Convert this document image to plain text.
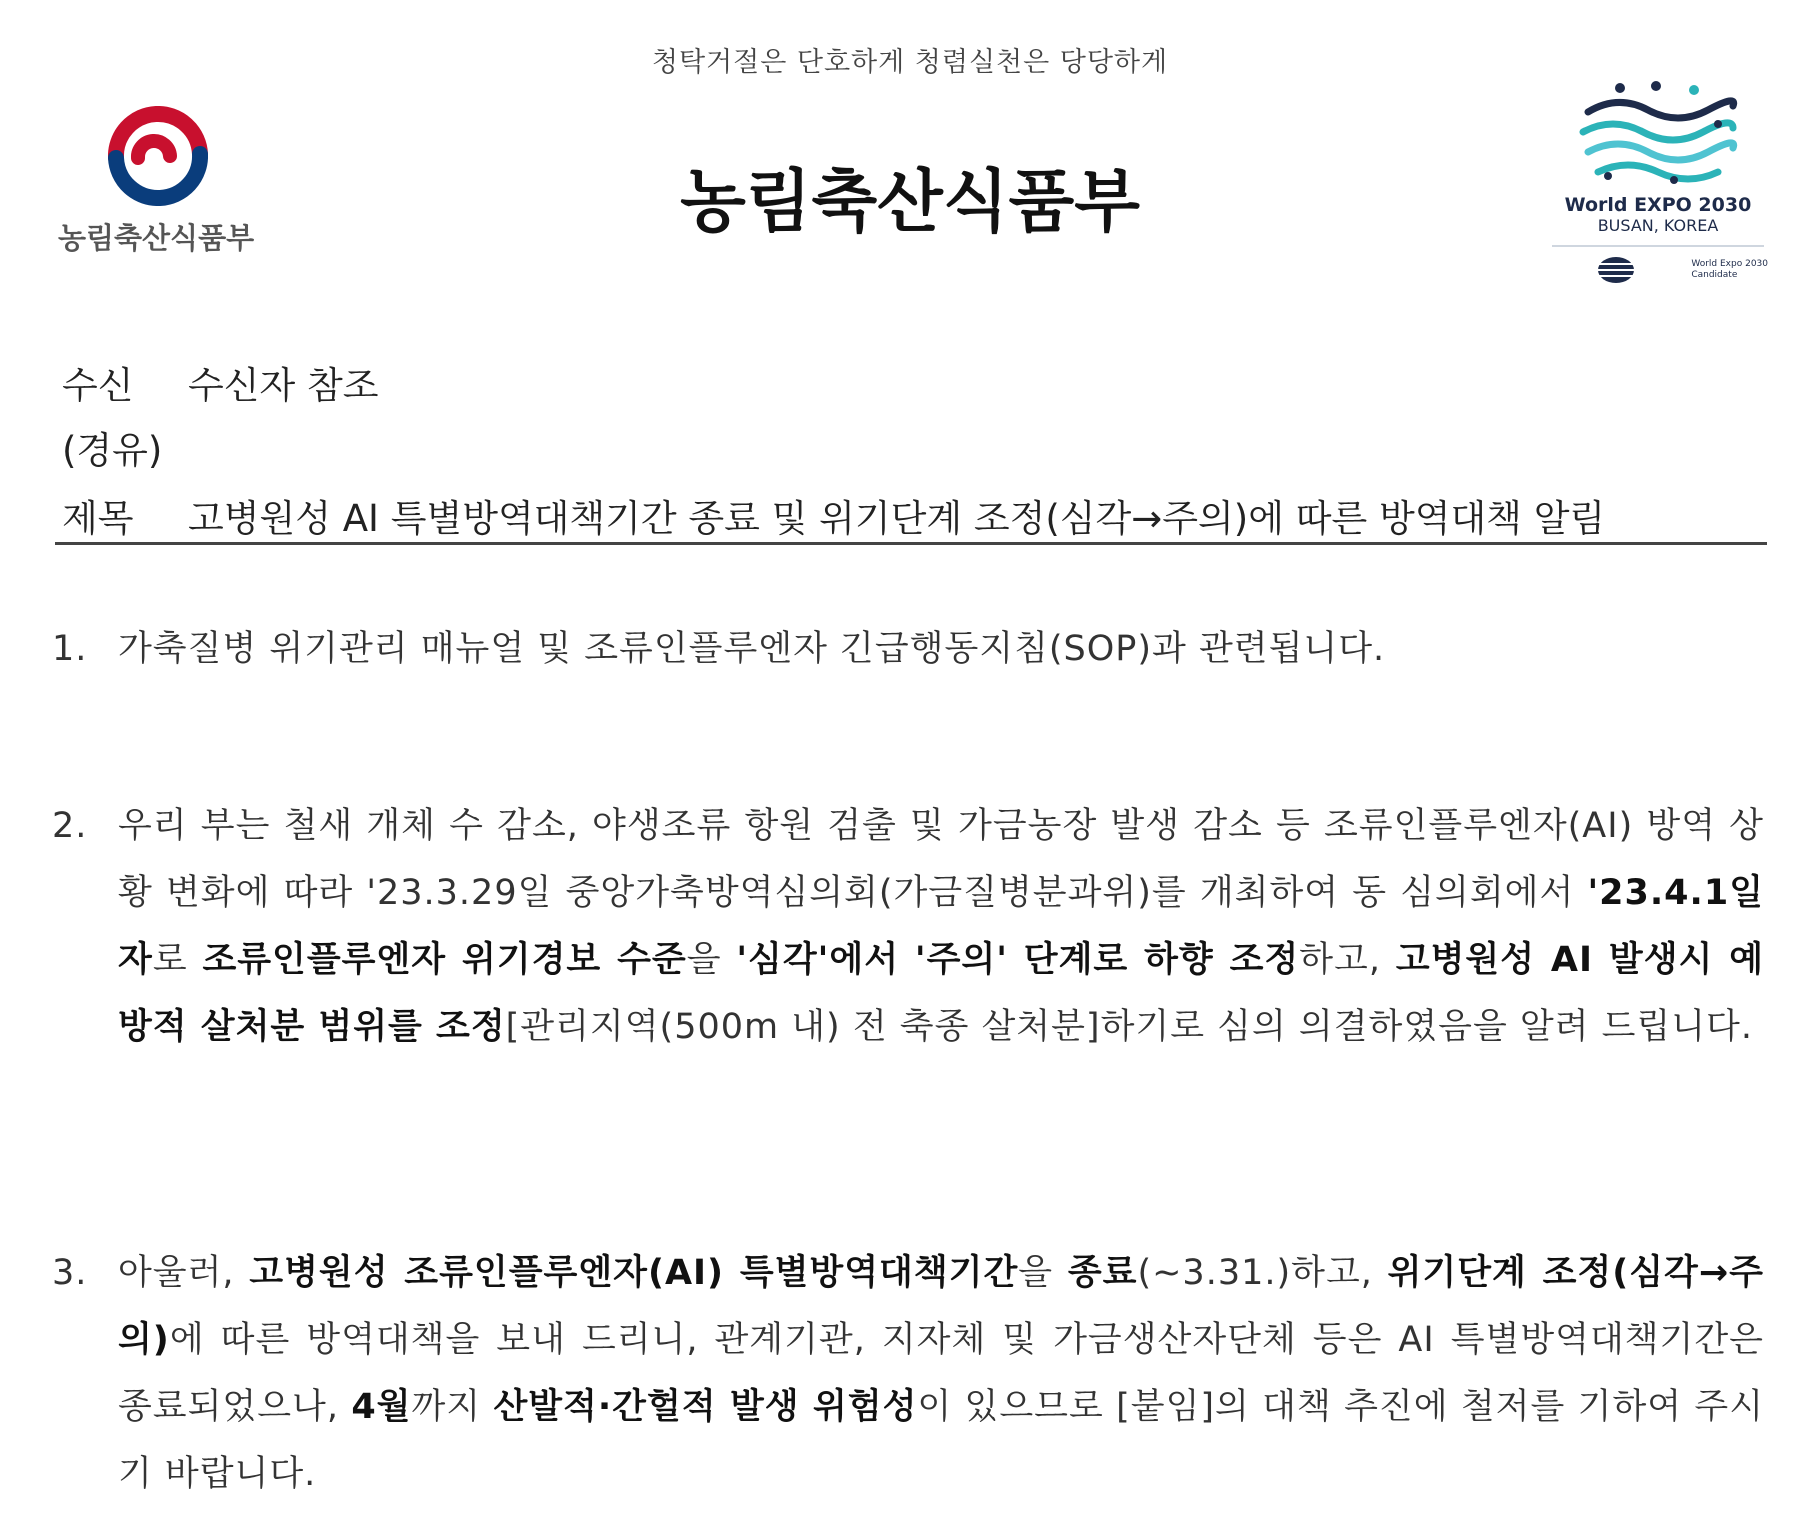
청탁거절은 단호하게 청렴실천은 당당하게
농림축산식품부	농림축산식품부	World EXPO 2030
BUSAN, KOREA
World Expo 2030
Candidate
수신 수신자 참조
(경유)
제목 고병원성 AI 특별방역대책기간 종료 및 위기단계 조정(심각→주의)에 따른 방역대책 알림
1. 가축질병 위기관리 매뉴얼 및 조류인플루엔자 긴급행동지침(SOP)과 관련됩니다.
2. 우리 부는 철새 개체 수 감소, 야생조류 항원 검출 및 가금농장 발생 감소 등 조류인플루엔자(AI) 방역 상황 변화에 따라 '23.3.29일 중앙가축방역심의회(가금질병분과위)를 개최하여 동 심의회에서 '23.4.1일자로 조류인플루엔자 위기경보 수준을 '심각'에서 '주의' 단계로 하향 조정하고, 고병원성 AI 발생시 예방적 살처분 범위를 조정[관리지역(500m 내) 전 축종 살처분]하기로 심의 의결하였음을 알려 드립니다.
3. 아울러, 고병원성 조류인플루엔자(AI) 특별방역대책기간을 종료(~3.31.)하고, 위기단계 조정(심각→주의)에 따른 방역대책을 보내 드리니, 관계기관, 지자체 및 가금생산자단체 등은 AI 특별방역대책기간은 종료되었으나, 4월까지 산발적·간헐적 발생 위험성이 있으므로 [붙임]의 대책 추진에 철저를 기하여 주시기 바랍니다.
